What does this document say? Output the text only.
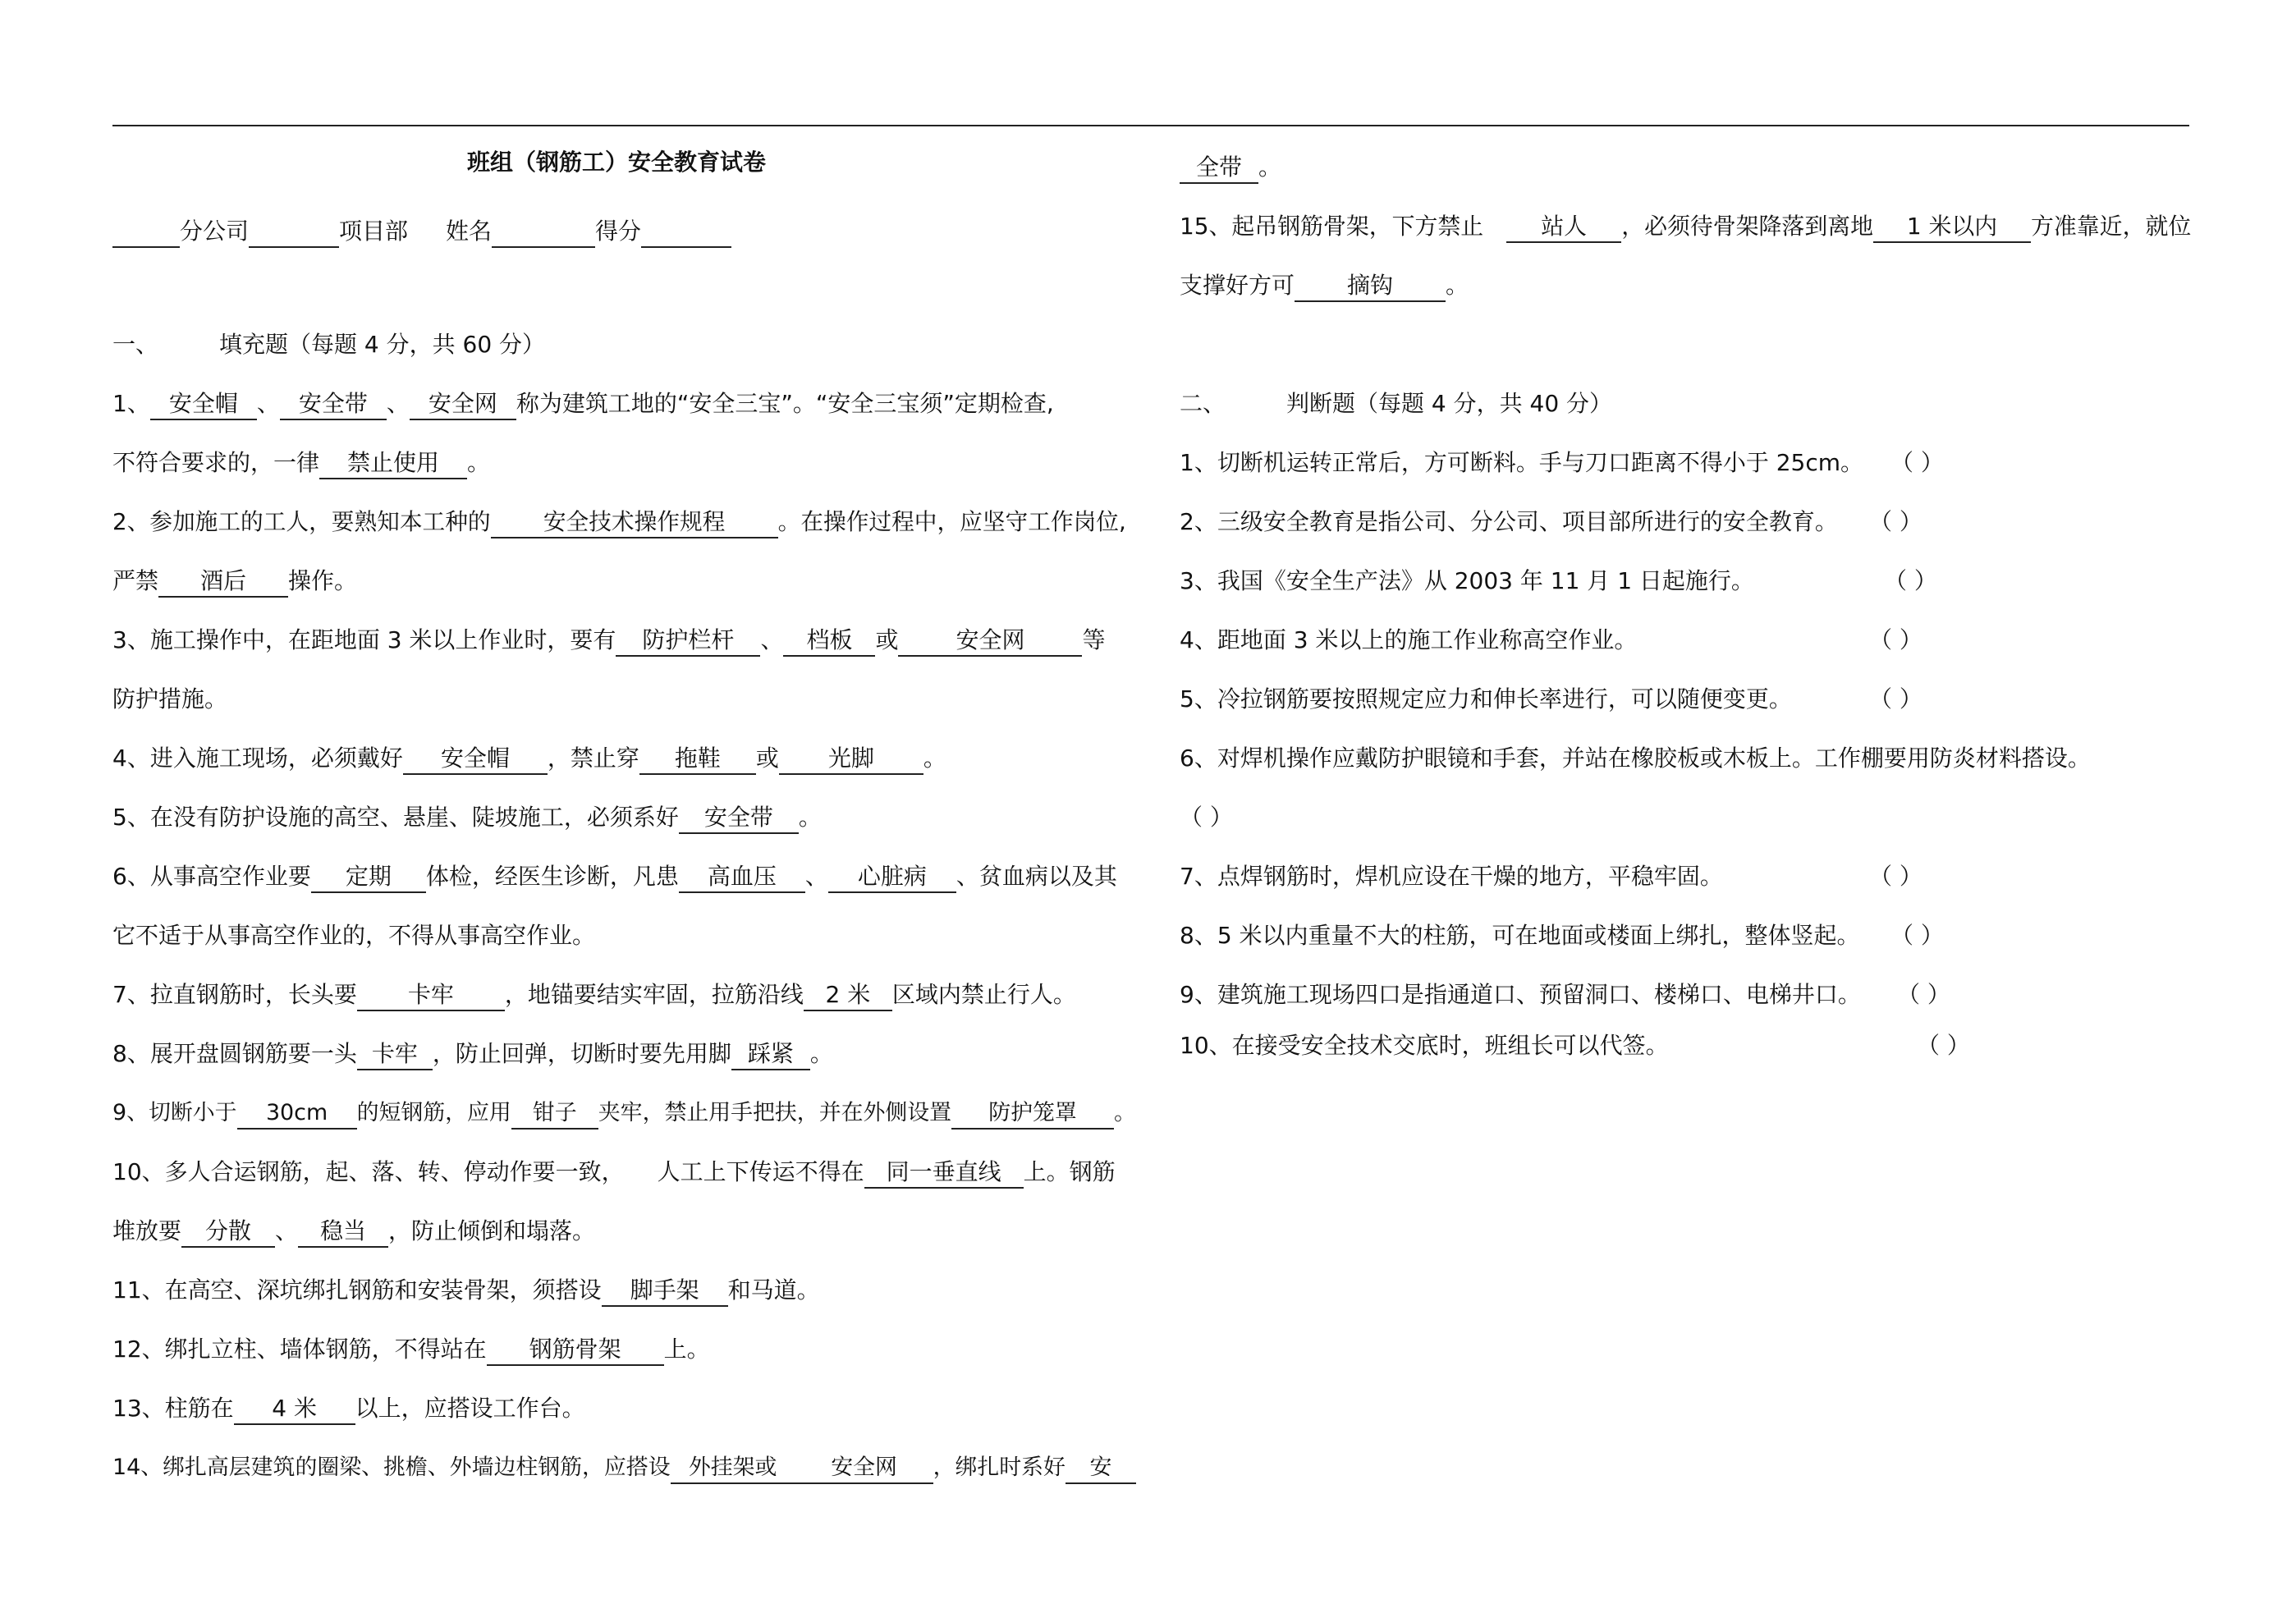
班组（钢筋工）安全教育试卷
分公司	项目部 姓名	得分
一、	填充题（每题 4 分，共 60 分）
1、 安全帽 、 安全带 、 安全网 称为建筑工地的“安全三宝”。“安全三宝须”定期检查,
不符合要求的，一律 禁止使用 。
2、参加施工的工人，要熟知本工种的 安全技术操作规程 。在操作过程中，应坚守工作岗位,
严禁 酒后 操作。
3、施工操作中，在距地面 3 米以上作业时，要有 防护栏杆 、 档板 或 安全网	等
防护措施。
4、进入施工现场，必须戴好 安全帽 ，禁止穿 拖鞋 或 光脚 。
5、在没有防护设施的高空、悬崖、陡坡施工，必须系好 安全带 。
6、从事高空作业要 定期 体检，经医生诊断，凡患 高血压 、 心脏病 、贫血病以及其
它不适于从事高空作业的，不得从事高空作业。
7、拉直钢筋时，长头要 卡牢 ，地锚要结实牢固，拉筋沿线 2 米 区域内禁止行人。
8、展开盘圆钢筋要一头 卡牢 ，防止回弹，切断时要先用脚 踩紧 。
9、切断小于 30cm 的短钢筋，应用 钳子 夹牢，禁止用手把扶，并在外侧设置 防护笼罩 。
10、多人合运钢筋，起、落、转、停动作要一致， 人工上下传运不得在 同一垂直线 上。钢筋
堆放要 分散 、 稳当 ，防止倾倒和塌落。
11、在高空、深坑绑扎钢筋和安装骨架，须搭设 脚手架 和马道。
12、绑扎立柱、墙体钢筋，不得站在 钢筋骨架 上。
13、柱筋在 4 米 以上，应搭设工作台。
14、绑扎高层建筑的圈梁、挑檐、外墙边柱钢筋，应搭设 外挂架或 安全网 ，绑扎时系好 安
全带 。
15、起吊钢筋骨架，下方禁止	站人 ，必须待骨架降落到离地 1 米以内 方准靠近，就位
支撑好方可 摘钩 。
二、	判断题（每题 4 分，共 40 分）
1、切断机运转正常后，方可断料。手与刀口距离不得小于 25cm。 （ ）
2、三级安全教育是指公司、分公司、项目部所进行的安全教育。 （ ）
3、我国《安全生产法》从 2003 年 11 月 1 日起施行。	（ ）
4、距地面 3 米以上的施工作业称高空作业。	（ ）
5、冷拉钢筋要按照规定应力和伸长率进行，可以随便变更。	（ ）
6、对焊机操作应戴防护眼镜和手套，并站在橡胶板或木板上。工作棚要用防炎材料搭设。
（ ）
7、点焊钢筋时，焊机应设在干燥的地方，平稳牢固。	（ ）
8、5 米以内重量不大的柱筋，可在地面或楼面上绑扎，整体竖起。 （ ）
9、建筑施工现场四口是指通道口、预留洞口、楼梯口、电梯井口。 （ ）
10、在接受安全技术交底时，班组长可以代签。	（ ）
